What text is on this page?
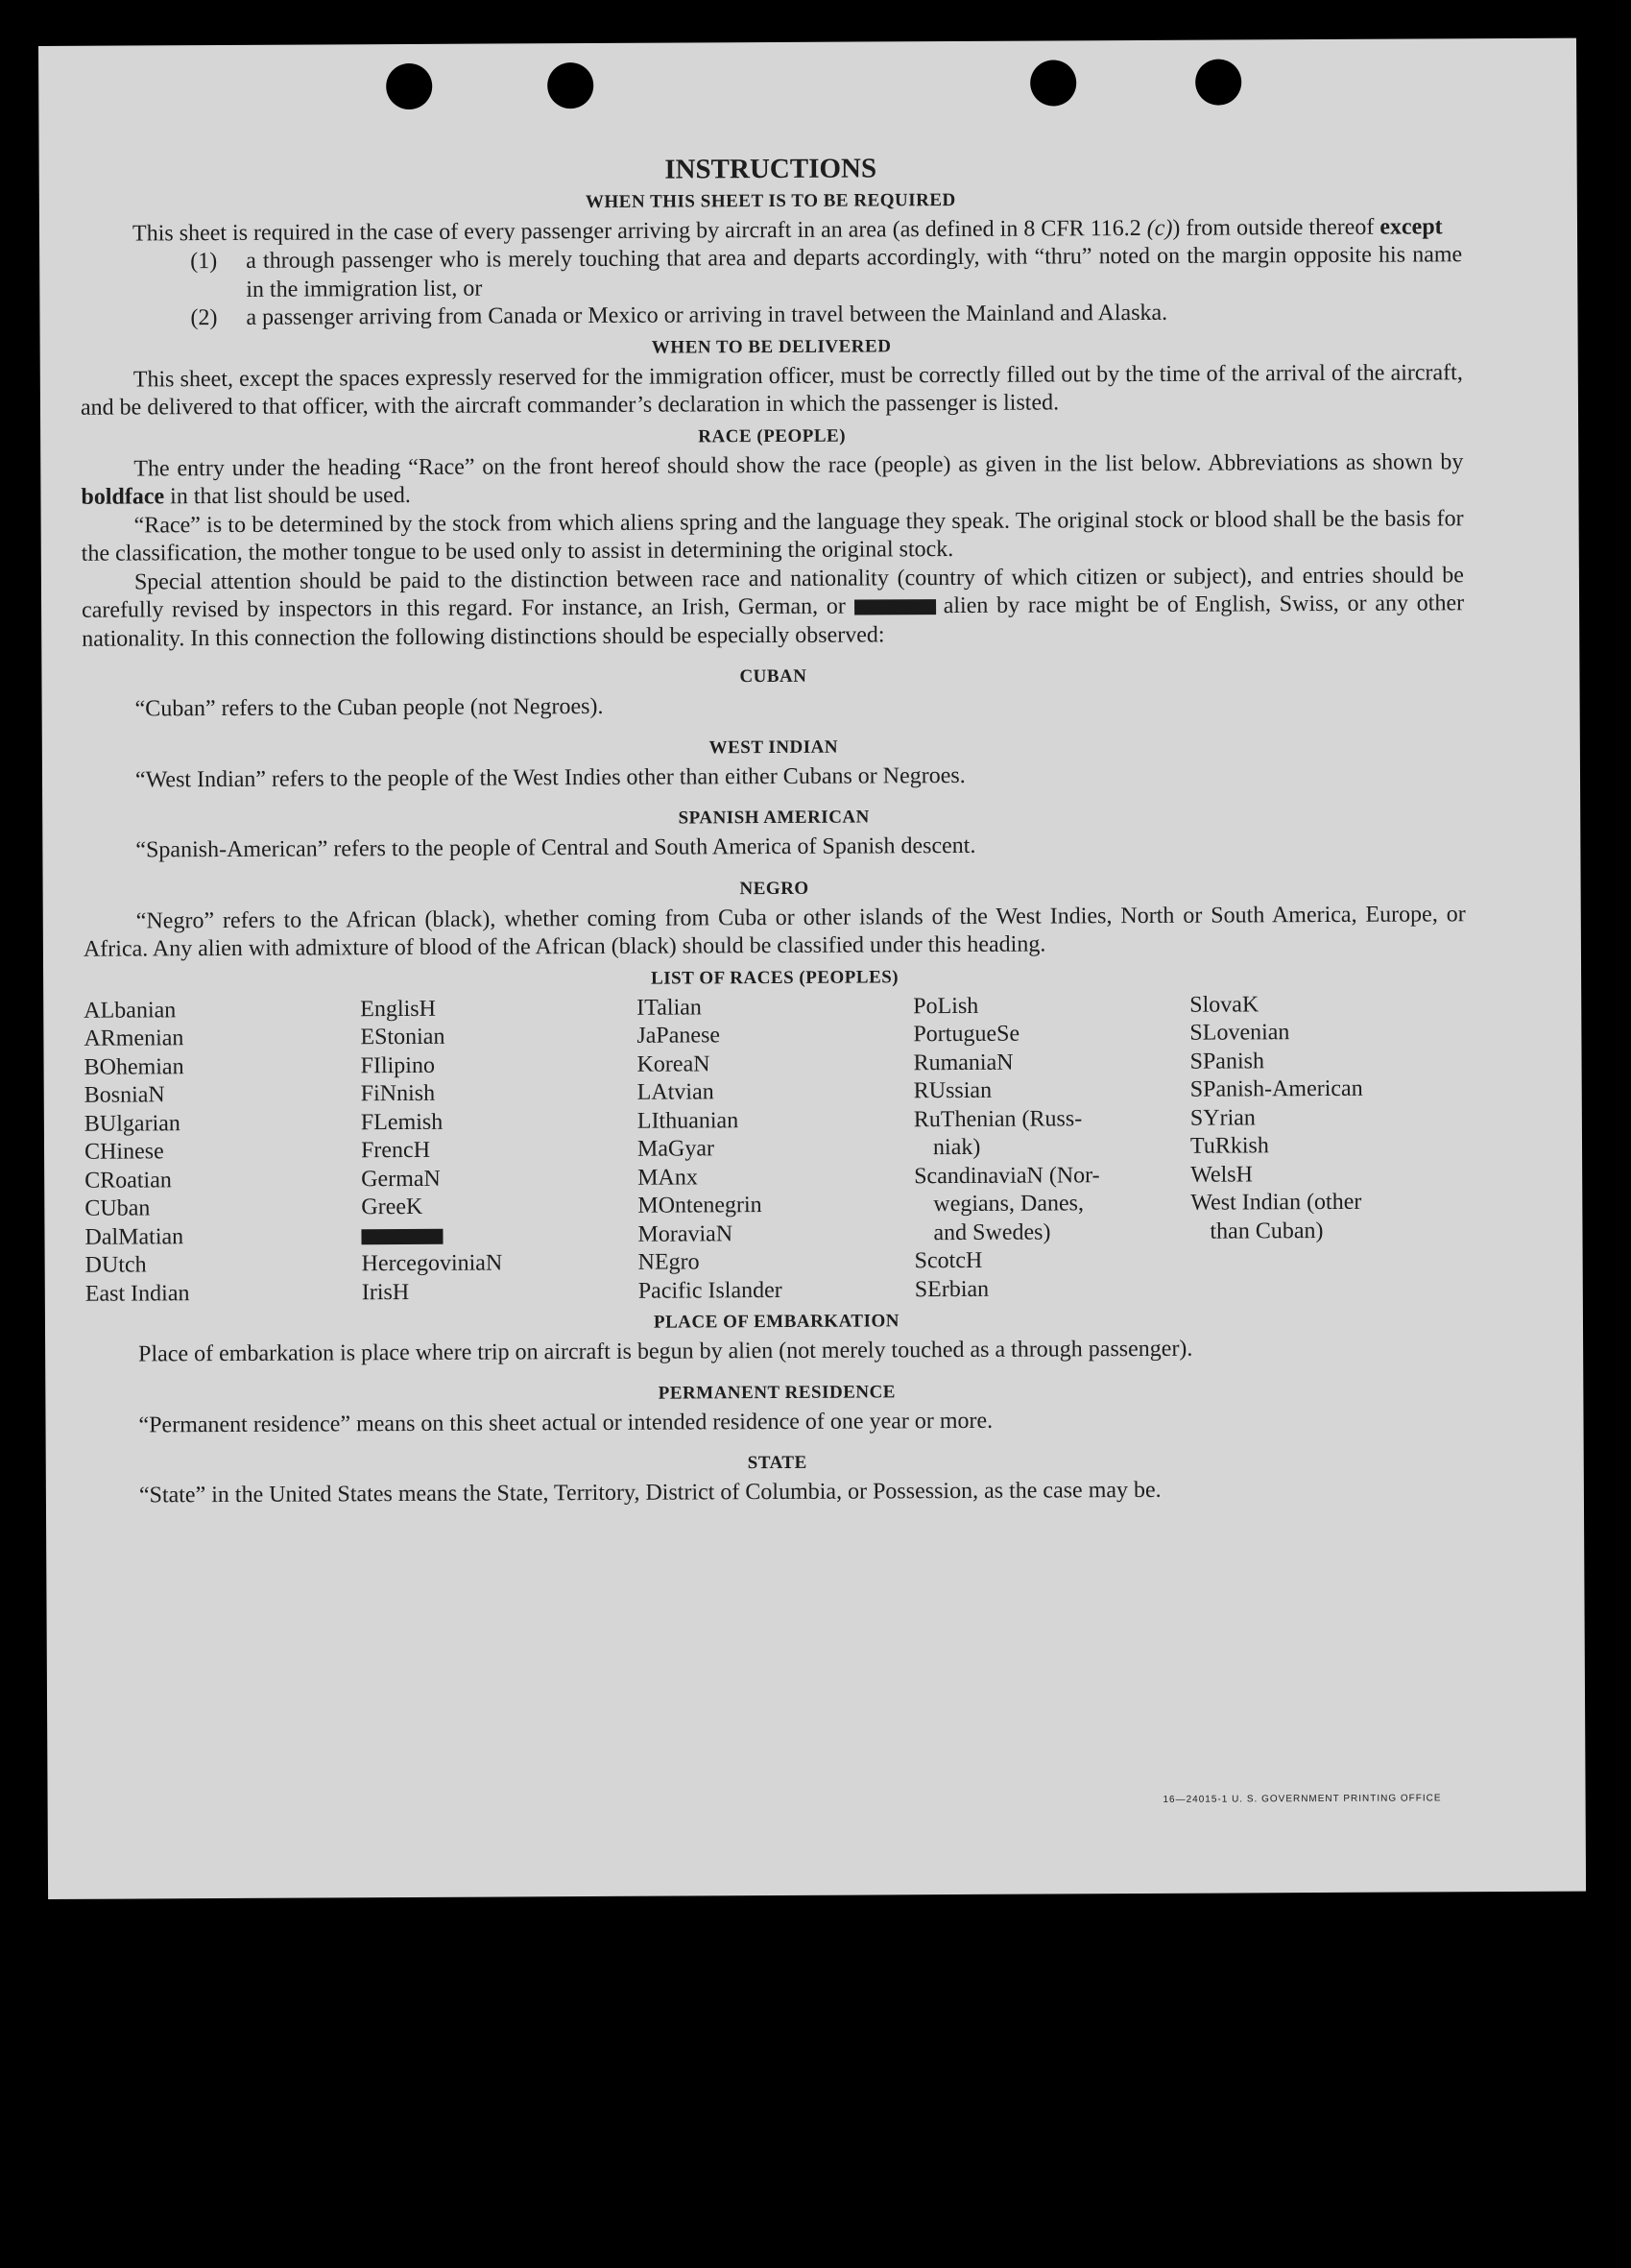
INSTRUCTIONS
WHEN THIS SHEET IS TO BE REQUIRED

This sheet is required in the case of every passenger arriving by aircraft in an area (as defined in 8 CFR 116.2 (c)) from outside thereof except

(1)	a through passenger who is merely touching that area and departs accordingly, with “thru” noted on the margin opposite his name in the immigration list, or
(2)	a passenger arriving from Canada or Mexico or arriving in travel between the Mainland and Alaska.
WHEN TO BE DELIVERED

This sheet, except the spaces expressly reserved for the immigration officer, must be correctly filled out by the time of the arrival of the aircraft, and be delivered to that officer, with the aircraft commander’s declaration in which the passenger is listed.

RACE (PEOPLE)

The entry under the heading “Race” on the front hereof should show the race (people) as given in the list below. Abbreviations as shown by boldface in that list should be used.

“Race” is to be determined by the stock from which aliens spring and the language they speak. The original stock or blood shall be the basis for the classification, the mother tongue to be used only to assist in determining the original stock.

Special attention should be paid to the distinction between race and nationality (country of which citizen or subject), and entries should be carefully revised by inspectors in this regard. For instance, an Irish, German, or	alien by race might be of English, Swiss, or any other nationality. In this connection the following distinctions should be especially observed:

CUBAN

“Cuban” refers to the Cuban people (not Negroes).

WEST INDIAN

“West Indian” refers to the people of the West Indies other than either Cubans or Negroes.

SPANISH AMERICAN

“Spanish-American” refers to the people of Central and South America of Spanish descent.

NEGRO

“Negro” refers to the African (black), whether coming from Cuba or other islands of the West Indies, North or South America, Europe, or Africa. Any alien with admixture of blood of the African (black) should be classified under this heading.

LIST OF RACES (PEOPLES)
ALbanian
ARmenian
BOhemian
BosniaN
BUlgarian
CHinese
CRoatian
CUban
DalMatian
DUtch
East Indian
EnglisH
EStonian
FIlipino
FiNnish
FLemish
FrencH
GermaN
GreeK
HercegoviniaN
IrisH
ITalian
JaPanese
KoreaN
LAtvian
LIthuanian
MaGyar
MAnx
MOntenegrin
MoraviaN
NEgro
Pacific Islander
PoLish
PortugueSe
RumaniaN
RUssian
RuThenian (Russ-
niak)
ScandinaviaN (Nor-
wegians, Danes,
and Swedes)
ScotcH
SErbian
SlovaK
SLovenian
SPanish
SPanish-American
SYrian
TuRkish
WelsH
West Indian (other
than Cuban)
PLACE OF EMBARKATION

Place of embarkation is place where trip on aircraft is begun by alien (not merely touched as a through passenger).

PERMANENT RESIDENCE

“Permanent residence” means on this sheet actual or intended residence of one year or more.

STATE

“State” in the United States means the State, Territory, District of Columbia, or Possession, as the case may be.

16—24015-1 U. S. GOVERNMENT PRINTING OFFICE
